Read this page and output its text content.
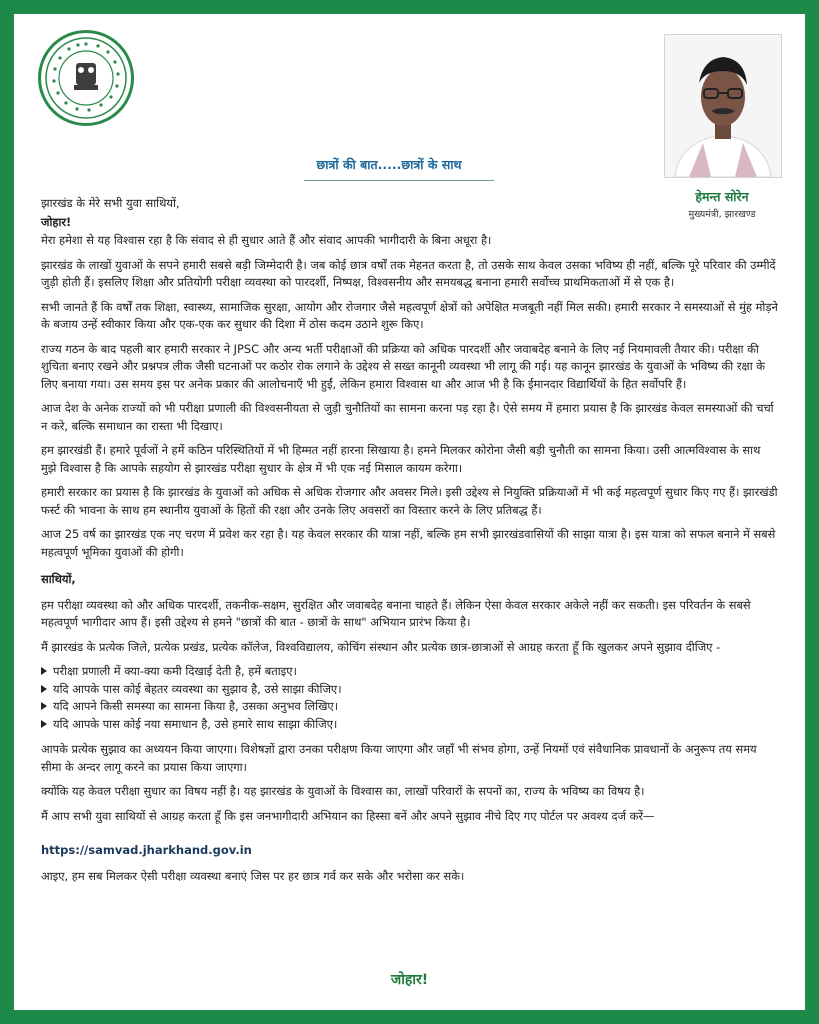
हेमन्त सोरेन
मुख्यमंत्री, झारखण्ड
छात्रों की बात.....छात्रों के साथ

झारखंड के मेरे सभी युवा साथियों,

जोहार!

मेरा हमेशा से यह विश्वास रहा है कि संवाद से ही सुधार आते हैं और संवाद आपकी भागीदारी के बिना अधूरा है।

झारखंड के लाखों युवाओं के सपने हमारी सबसे बड़ी जिम्मेदारी है। जब कोई छात्र वर्षों तक मेहनत करता है, तो उसके साथ केवल उसका भविष्य ही नहीं, बल्कि पूरे परिवार की उम्मीदें जुड़ी होती हैं। इसलिए शिक्षा और प्रतियोगी परीक्षा व्यवस्था को पारदर्शी, निष्पक्ष, विश्वसनीय और समयबद्ध बनाना हमारी सर्वोच्च प्राथमिकताओं में से एक है।

सभी जानते हैं कि वर्षों तक शिक्षा, स्वास्थ्य, सामाजिक सुरक्षा, आयोग और रोजगार जैसे महत्वपूर्ण क्षेत्रों को अपेक्षित मजबूती नहीं मिल सकी। हमारी सरकार ने समस्याओं से मुंह मोड़ने के बजाय उन्हें स्वीकार किया और एक-एक कर सुधार की दिशा में ठोस कदम उठाने शुरू किए।

राज्य गठन के बाद पहली बार हमारी सरकार ने JPSC और अन्य भर्ती परीक्षाओं की प्रक्रिया को अधिक पारदर्शी और जवाबदेह बनाने के लिए नई नियमावली तैयार की। परीक्षा की शुचिता बनाए रखने और प्रश्नपत्र लीक जैसी घटनाओं पर कठोर रोक लगाने के उद्देश्य से सख्त कानूनी व्यवस्था भी लागू की गई। यह कानून झारखंड के युवाओं के भविष्य की रक्षा के लिए बनाया गया। उस समय इस पर अनेक प्रकार की आलोचनाएँ भी हुईं, लेकिन हमारा विश्वास था और आज भी है कि ईमानदार विद्यार्थियों के हित सर्वोपरि हैं।

आज देश के अनेक राज्यों को भी परीक्षा प्रणाली की विश्वसनीयता से जुड़ी चुनौतियों का सामना करना पड़ रहा है। ऐसे समय में हमारा प्रयास है कि झारखंड केवल समस्याओं की चर्चा न करे, बल्कि समाधान का रास्ता भी दिखाए।

हम झारखंडी हैं। हमारे पूर्वजों ने हमें कठिन परिस्थितियों में भी हिम्मत नहीं हारना सिखाया है। हमने मिलकर कोरोना जैसी बड़ी चुनौती का सामना किया। उसी आत्मविश्वास के साथ मुझे विश्वास है कि आपके सहयोग से झारखंड परीक्षा सुधार के क्षेत्र में भी एक नई मिसाल कायम करेगा।

हमारी सरकार का प्रयास है कि झारखंड के युवाओं को अधिक से अधिक रोजगार और अवसर मिले। इसी उद्देश्य से नियुक्ति प्रक्रियाओं में भी कई महत्वपूर्ण सुधार किए गए हैं। झारखंडी फर्स्ट की भावना के साथ हम स्थानीय युवाओं के हितों की रक्षा और उनके लिए अवसरों का विस्तार करने के लिए प्रतिबद्ध हैं।

आज 25 वर्ष का झारखंड एक नए चरण में प्रवेश कर रहा है। यह केवल सरकार की यात्रा नहीं, बल्कि हम सभी झारखंडवासियों की साझा यात्रा है। इस यात्रा को सफल बनाने में सबसे महत्वपूर्ण भूमिका युवाओं की होगी।

साथियों,

हम परीक्षा व्यवस्था को और अधिक पारदर्शी, तकनीक-सक्षम, सुरक्षित और जवाबदेह बनाना चाहते हैं। लेकिन ऐसा केवल सरकार अकेले नहीं कर सकती। इस परिवर्तन के सबसे महत्वपूर्ण भागीदार आप हैं। इसी उद्देश्य से हमने "छात्रों की बात - छात्रों के साथ" अभियान प्रारंभ किया है।

मैं झारखंड के प्रत्येक जिले, प्रत्येक प्रखंड, प्रत्येक कॉलेज, विश्वविद्यालय, कोचिंग संस्थान और प्रत्येक छात्र-छात्राओं से आग्रह करता हूँ कि खुलकर अपने सुझाव दीजिए -

परीक्षा प्रणाली में क्या-क्या कमी दिखाई देती है, हमें बताइए।
यदि आपके पास कोई बेहतर व्यवस्था का सुझाव है, उसे साझा कीजिए।
यदि आपने किसी समस्या का सामना किया है, उसका अनुभव लिखिए।
यदि आपके पास कोई नया समाधान है, उसे हमारे साथ साझा कीजिए।

आपके प्रत्येक सुझाव का अध्ययन किया जाएगा। विशेषज्ञों द्वारा उनका परीक्षण किया जाएगा और जहाँ भी संभव होगा, उन्हें नियमों एवं संवैधानिक प्रावधानों के अनुरूप तय समय सीमा के अन्दर लागू करने का प्रयास किया जाएगा।

क्योंकि यह केवल परीक्षा सुधार का विषय नहीं है। यह झारखंड के युवाओं के विश्वास का, लाखों परिवारों के सपनों का, राज्य के भविष्य का विषय है।

मैं आप सभी युवा साथियों से आग्रह करता हूँ कि इस जनभागीदारी अभियान का हिस्सा बनें और अपने सुझाव नीचे दिए गए पोर्टल पर अवश्य दर्ज करें—

https://samvad.jharkhand.gov.in

आइए, हम सब मिलकर ऐसी परीक्षा व्यवस्था बनाएं जिस पर हर छात्र गर्व कर सके और भरोसा कर सके।

जोहार!
